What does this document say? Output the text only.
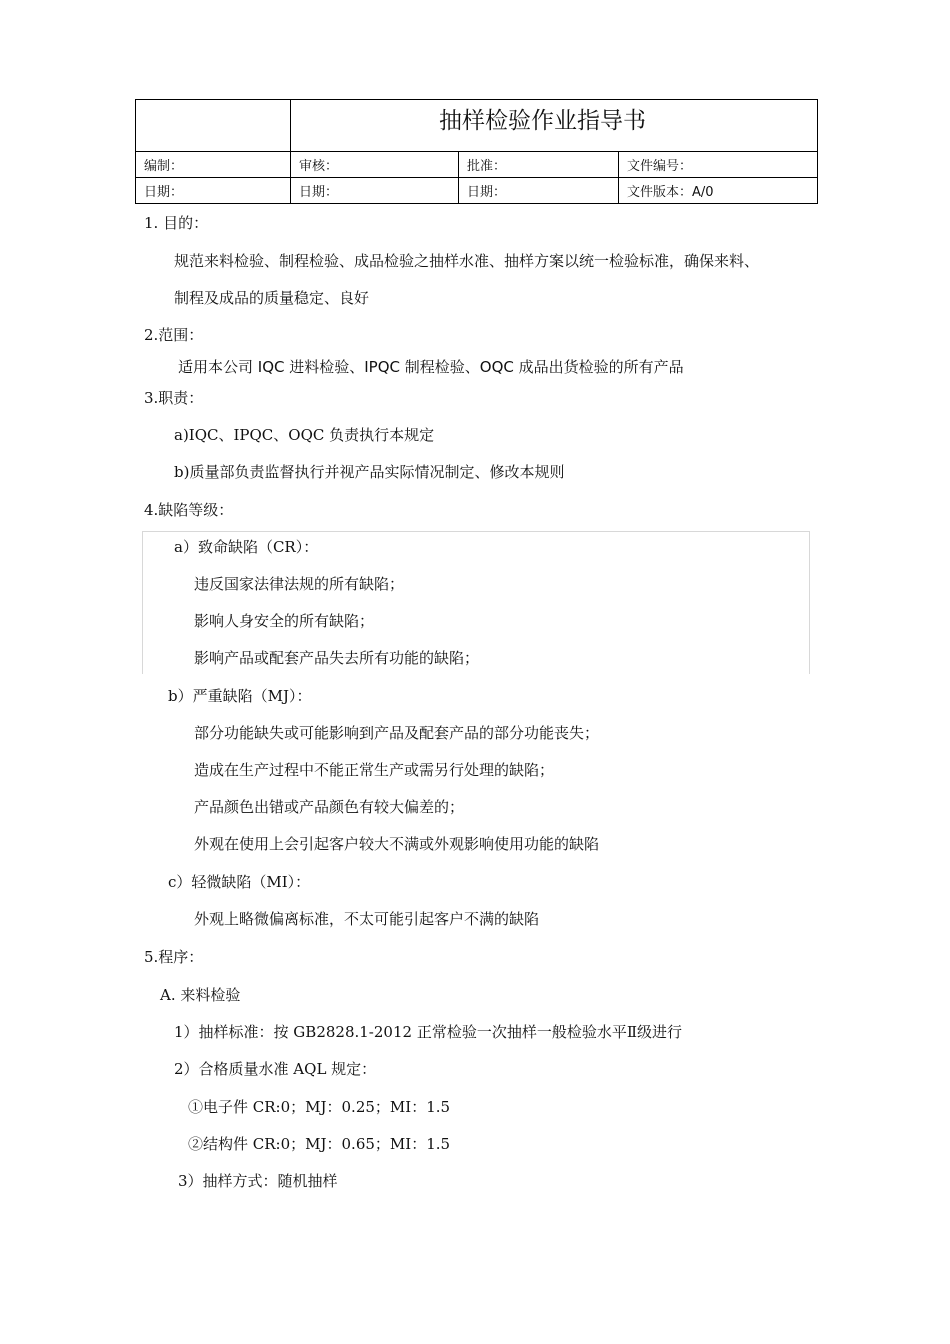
	抽样检验作业指导书		
编制：	审核：	批准：	文件编号：
日期：	日期：	日期：	文件版本：A/0
1. 目的：
规范来料检验、制程检验、成品检验之抽样水准、抽样方案以统一检验标准，确保来料、
制程及成品的质量稳定、良好
2.范围：
适用本公司 IQC 进料检验、IPQC 制程检验、OQC 成品出货检验的所有产品
3.职责：
a)IQC、IPQC、OQC 负责执行本规定
b)质量部负责监督执行并视产品实际情况制定、修改本规则
4.缺陷等级：
a）致命缺陷（CR）：
违反国家法律法规的所有缺陷；
影响人身安全的所有缺陷；
影响产品或配套产品失去所有功能的缺陷；
b）严重缺陷（MJ）：
部分功能缺失或可能影响到产品及配套产品的部分功能丧失；
造成在生产过程中不能正常生产或需另行处理的缺陷；
产品颜色出错或产品颜色有较大偏差的；
外观在使用上会引起客户较大不满或外观影响使用功能的缺陷
c）轻微缺陷（MI）：
外观上略微偏离标准，不太可能引起客户不满的缺陷
5.程序：
A. 来料检验
1）抽样标准：按 GB2828.1-2012 正常检验一次抽样一般检验水平Ⅱ级进行
2）合格质量水准 AQL 规定：
①电子件 CR:0；MJ：0.25；MI：1.5
②结构件 CR:0；MJ：0.65；MI：1.5
3）抽样方式：随机抽样
